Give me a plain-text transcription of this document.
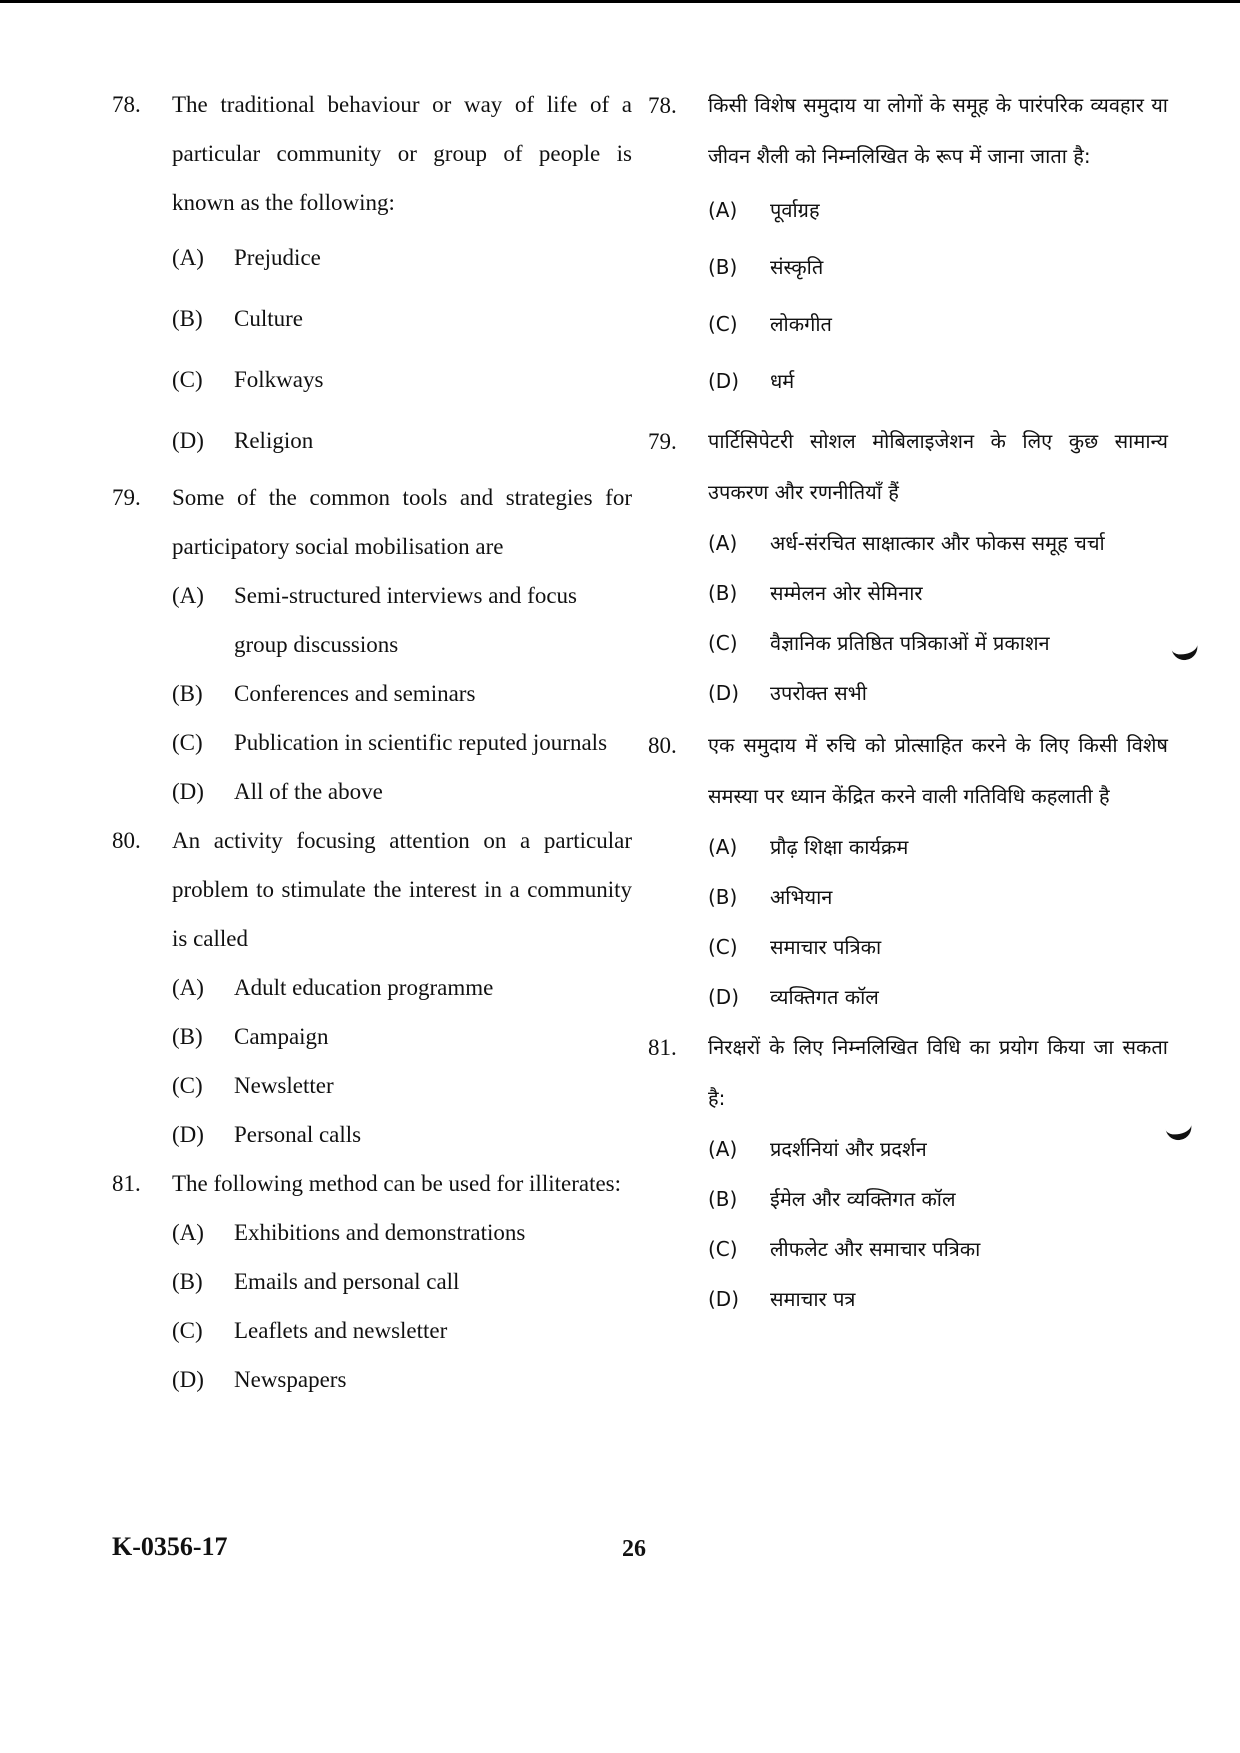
78. The traditional behaviour or way of life of a particular community or group of people is known as the following:
(A) Prejudice
(B) Culture
(C) Folkways
(D) Religion
79. Some of the common tools and strategies for participatory social mobilisation are
(A) Semi-structured interviews and focus group discussions
(B) Conferences and seminars
(C) Publication in scientific reputed journals
(D) All of the above
80. An activity focusing attention on a particular problem to stimulate the interest in a community is called
(A) Adult education programme
(B) Campaign
(C) Newsletter
(D) Personal calls
81. The following method can be used for illiterates:
(A) Exhibitions and demonstrations
(B) Emails and personal call
(C) Leaflets and newsletter
(D) Newspapers
78. किसी विशेष समुदाय या लोगों के समूह के पारंपरिक व्यवहार या जीवन शैली को निम्नलिखित के रूप में जाना जाता है:
(A) पूर्वाग्रह
(B) संस्कृति
(C) लोकगीत
(D) धर्म
79. पार्टिसिपेटरी सोशल मोबिलाइजेशन के लिए कुछ सामान्य उपकरण और रणनीतियाँ हैं
(A) अर्ध-संरचित साक्षात्कार और फोकस समूह चर्चा
(B) सम्मेलन ओर सेमिनार
(C) वैज्ञानिक प्रतिष्ठित पत्रिकाओं में प्रकाशन
(D) उपरोक्त सभी
80. एक समुदाय में रुचि को प्रोत्साहित करने के लिए किसी विशेष समस्या पर ध्यान केंद्रित करने वाली गतिविधि कहलाती है
(A) प्रौढ़ शिक्षा कार्यक्रम
(B) अभियान
(C) समाचार पत्रिका
(D) व्यक्तिगत कॉल
81. निरक्षरों के लिए निम्नलिखित विधि का प्रयोग किया जा सकता है:
(A) प्रदर्शनियां और प्रदर्शन
(B) ईमेल और व्यक्तिगत कॉल
(C) लीफलेट और समाचार पत्रिका
(D) समाचार पत्र
K-0356-17	26
